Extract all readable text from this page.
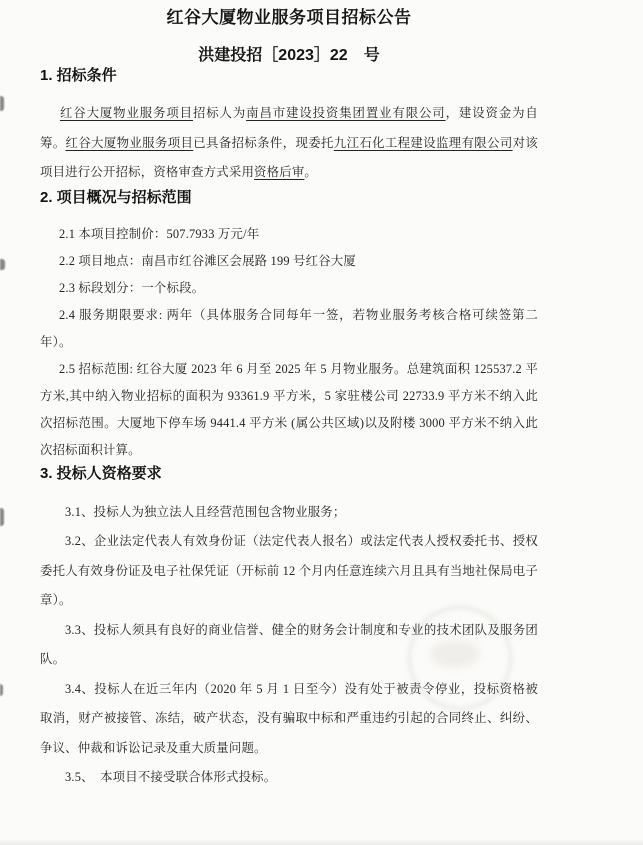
红谷大厦物业服务项目招标公告
洪建投招［2023］22　号
1. 招标条件

红谷大厦物业服务项目招标人为南昌市建设投资集团置业有限公司，建设资金为自筹。红谷大厦物业服务项目已具备招标条件，现委托九江石化工程建设监理有限公司对该项目进行公开招标，资格审查方式采用资格后审。

2. 项目概况与招标范围

2.1 本项目控制价：507.7933 万元/年

2.2 项目地点：南昌市红谷滩区会展路 199 号红谷大厦

2.3 标段划分：一个标段。

2.4 服务期限要求: 两年（具体服务合同每年一签，若物业服务考核合格可续签第二年）。

2.5 招标范围: 红谷大厦 2023 年 6 月至 2025 年 5 月物业服务。总建筑面积 125537.2 平方米,其中纳入物业招标的面积为 93361.9 平方米，5 家驻楼公司 22733.9 平方米不纳入此次招标范围。大厦地下停车场 9441.4 平方米 (属公共区域)以及附楼 3000 平方米不纳入此次招标面积计算。

3. 投标人资格要求

3.1、投标人为独立法人且经营范围包含物业服务；

3.2、企业法定代表人有效身份证（法定代表人报名）或法定代表人授权委托书、授权委托人有效身份证及电子社保凭证（开标前 12 个月内任意连续六月且具有当地社保局电子章）。

3.3、投标人须具有良好的商业信誉、健全的财务会计制度和专业的技术团队及服务团队。

3.4、投标人在近三年内（2020 年 5 月 1 日至今）没有处于被责令停业，投标资格被取消，财产被接管、冻结，破产状态，没有骗取中标和严重违约引起的合同终止、纠纷、争议、仲裁和诉讼记录及重大质量问题。

3.5、　本项目不接受联合体形式投标。
